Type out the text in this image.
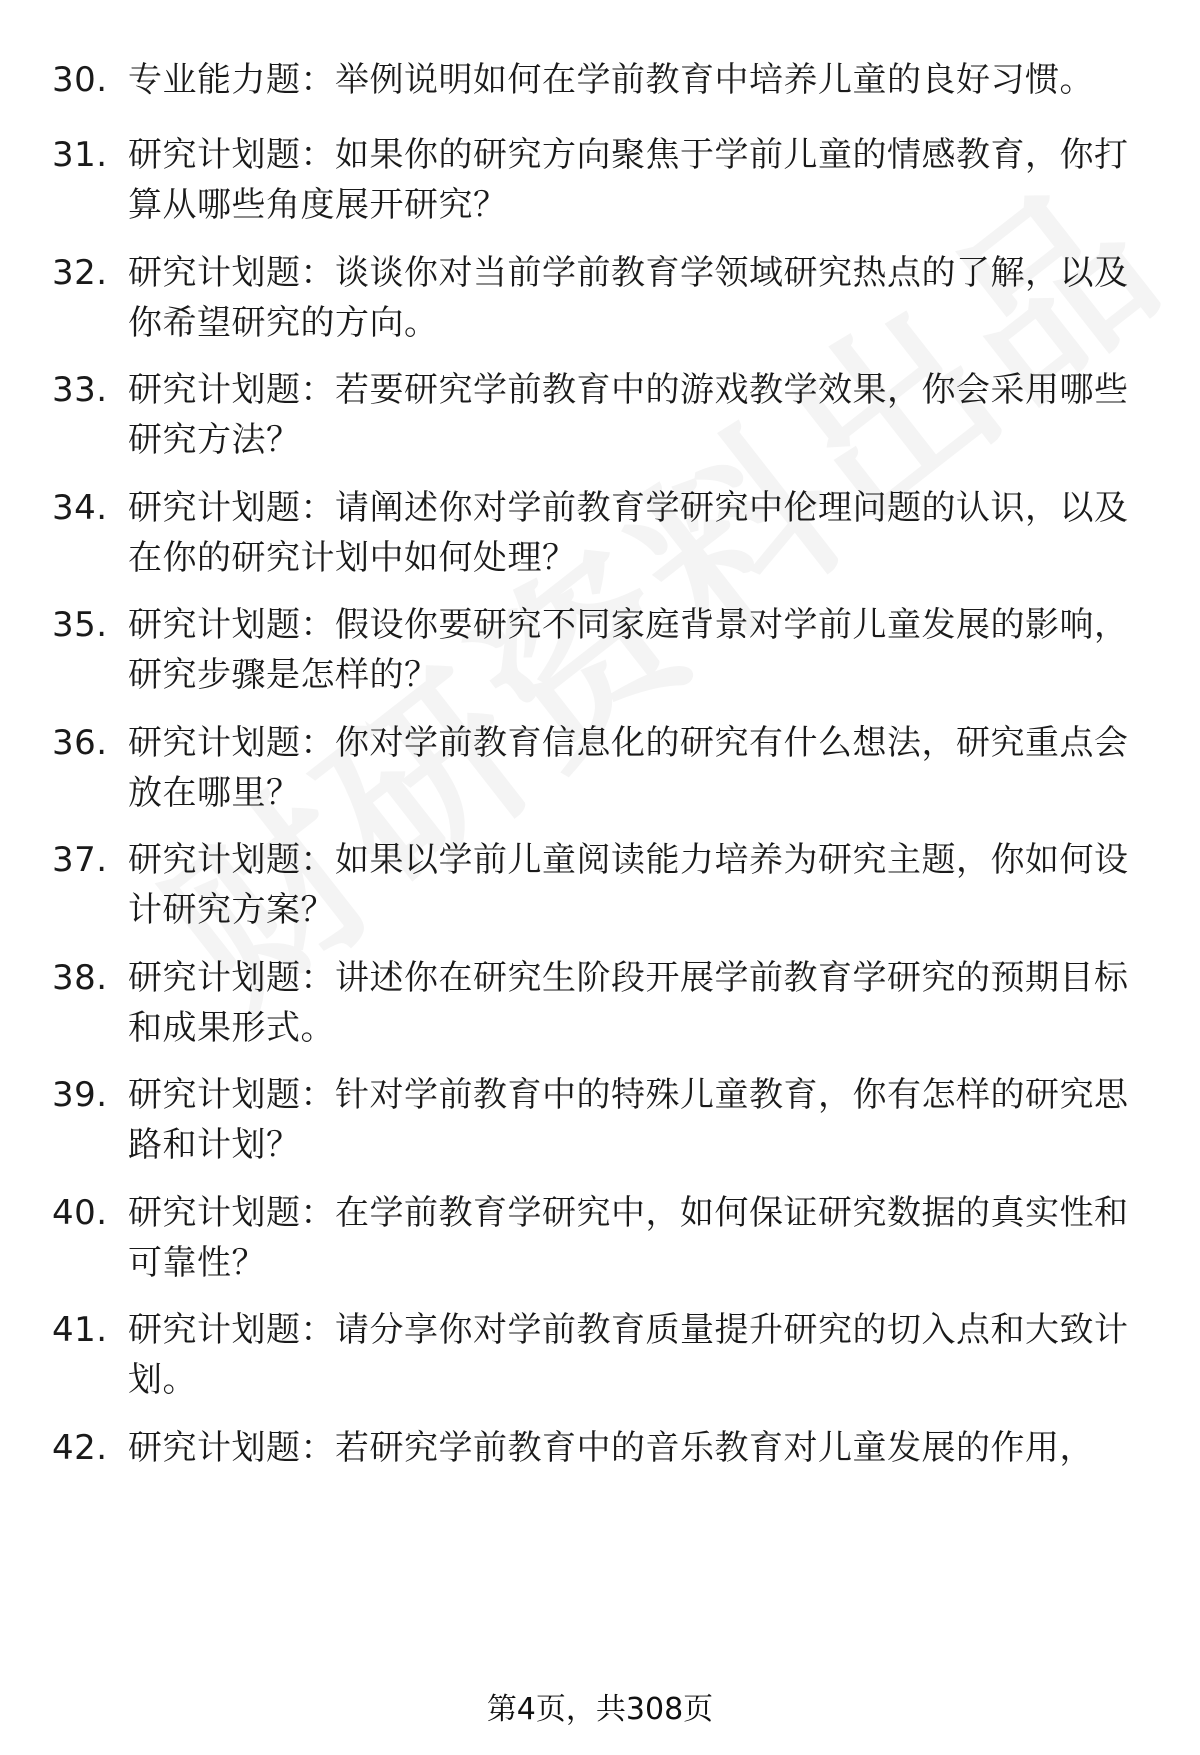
30. 专业能力题：举例说明如何在学前教育中培养儿童的良好习惯。
31. 研究计划题：如果你的研究方向聚焦于学前儿童的情感教育，你打算从哪些角度展开研究？
32. 研究计划题：谈谈你对当前学前教育学领域研究热点的了解，以及你希望研究的方向。
33. 研究计划题：若要研究学前教育中的游戏教学效果，你会采用哪些研究方法？
34. 研究计划题：请阐述你对学前教育学研究中伦理问题的认识，以及在你的研究计划中如何处理？
35. 研究计划题：假设你要研究不同家庭背景对学前儿童发展的影响，研究步骤是怎样的？
36. 研究计划题：你对学前教育信息化的研究有什么想法，研究重点会放在哪里？
37. 研究计划题：如果以学前儿童阅读能力培养为研究主题，你如何设计研究方案？
38. 研究计划题：讲述你在研究生阶段开展学前教育学研究的预期目标和成果形式。
39. 研究计划题：针对学前教育中的特殊儿童教育，你有怎样的研究思路和计划？
40. 研究计划题：在学前教育学研究中，如何保证研究数据的真实性和可靠性？
41. 研究计划题：请分享你对学前教育质量提升研究的切入点和大致计划。
42. 研究计划题：若研究学前教育中的音乐教育对儿童发展的作用，
第4页，共308页
